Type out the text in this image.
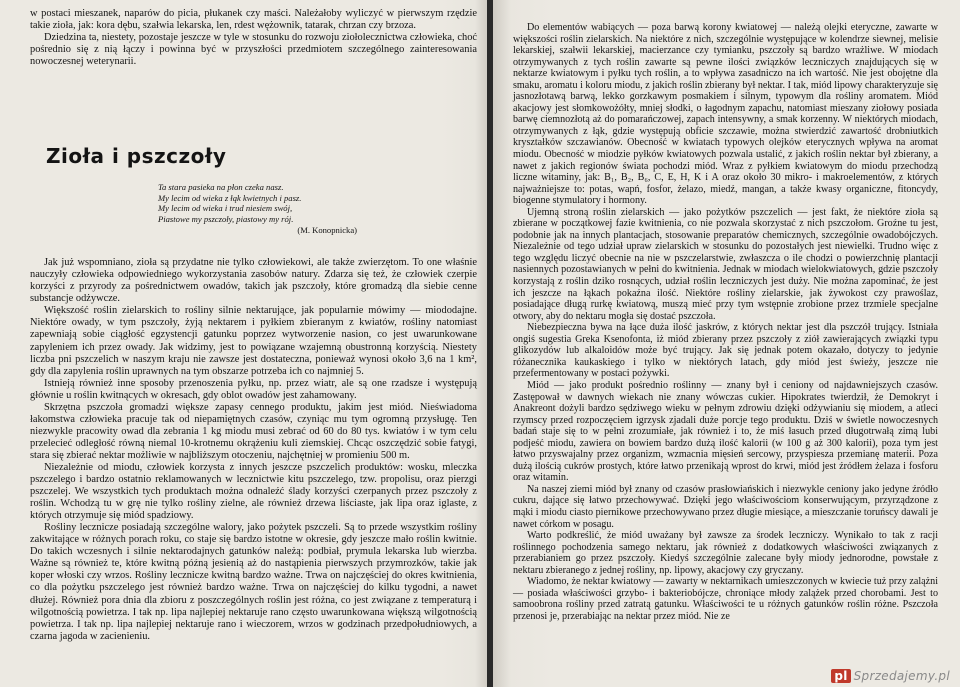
w postaci mieszanek, naparów do picia, płukanek czy maści. Należałoby wyliczyć w pierwszym rzędzie takie zioła, jak: kora dębu, szałwia lekarska, len, rdest wężownik, tatarak, chrzan czy brzoza.

Dziedzina ta, niestety, pozostaje jeszcze w tyle w stosunku do rozwoju ziołolecznictwa człowieka, choć pośrednio się z nią łączy i powinna być w przyszłości przedmiotem szczególnego zainteresowania nowoczesnej weterynarii.

Zioła i pszczoły
Ta stara pasieka na płon czeka nasz.
My lecim od wieka z łąk kwietnych i pasz.
My lecim od wieka i trud niesiem swój,
Piastowe my pszczoły, piastowy my rój.
(M. Konopnicka)

Jak już wspomniano, zioła są przydatne nie tylko człowiekowi, ale także zwierzętom. To one właśnie nauczyły człowieka odpowiedniego wykorzystania zasobów natury. Zdarza się też, że człowiek czerpie korzyści z przyrody za pośrednictwem owadów, takich jak pszczoły, które gromadzą dla siebie cenne substancje odżywcze.

Większość roślin zielarskich to rośliny silnie nektarujące, jak popularnie mówimy — miododajne. Niektóre owady, w tym pszczoły, żyją nektarem i pyłkiem zbieranym z kwiatów, rośliny natomiast zapewniają sobie ciągłość egzystencji gatunku poprzez wytworzenie nasion, co jest uwarunkowane zapyleniem ich przez owady. Jak widzimy, jest to powiązane wzajemną obustronną korzyścią. Niestety liczba pni pszczelich w naszym kraju nie zawsze jest dostateczna, ponieważ wynosi około 3,6 na 1 km², gdy dla zapylenia roślin uprawnych na tym obszarze potrzeba ich co najmniej 5.

Istnieją również inne sposoby przenoszenia pyłku, np. przez wiatr, ale są one rzadsze i występują głównie u roślin kwitnących w okresach, gdy oblot owadów jest zahamowany.

Skrzętna pszczoła gromadzi większe zapasy cennego produktu, jakim jest miód. Nieświadoma łakomstwa człowieka pracuje tak od niepamiętnych czasów, czyniąc mu tym ogromną przysługę. Ten niezwykle pracowity owad dla zebrania 1 kg miodu musi zebrać od 60 do 80 tys. kwiatów i w tym celu przelecieć odległość równą niemal 10-krotnemu okrążeniu kuli ziemskiej. Chcąc oszczędzić sobie fatygi, stara się zbierać nektar możliwie w najbliższym otoczeniu, najchętniej w promieniu 500 m.

Niezależnie od miodu, człowiek korzysta z innych jeszcze pszczelich produktów: wosku, mleczka pszczelego i bardzo ostatnio reklamowanych w lecznictwie kitu pszczelego, tzw. propolisu, oraz pierzgi pszczelej. We wszystkich tych produktach można odnaleźć ślady korzyści czerpanych przez pszczoły z roślin. Wchodzą tu w grę nie tylko rośliny zielne, ale również drzewa liściaste, jak lipa oraz iglaste, z których otrzymuje się miód spadziowy.

Rośliny lecznicze posiadają szczególne walory, jako pożytek pszczeli. Są to przede wszystkim rośliny zakwitające w różnych porach roku, co staje się bardzo istotne w okresie, gdy jeszcze mało roślin kwitnie. Do takich wczesnych i silnie nektarodajnych gatunków należą: podbiał, prymula lekarska lub wierzba. Ważne są również te, które kwitną późną jesienią aż do nastąpienia pierwszych przymrozków, takie jak koper włoski czy wrzos. Rośliny lecznicze kwitną bardzo ważne. Trwa on najczęściej do okres kwitnienia, co dla pożytku pszczelego jest również bardzo ważne. Trwa on najczęściej do kilku tygodni, a nawet dłużej. Również pora dnia dla zbioru z poszczególnych roślin jest różna, co jest związane z temperaturą i wilgotnością powietrza. I tak np. lipa najlepiej nektaruje rano często uwarunkowana większą wilgotnością powietrza. I tak np. lipa najlepiej nektaruje rano i wieczorem, wrzos w godzinach przedpołudniowych, a czarna jagoda w zacienieniu.

Do elementów wabiących — poza barwą korony kwiatowej — należą olejki eteryczne, zawarte w większości roślin zielarskich. Na niektóre z nich, szczególnie występujące w kolendrze siewnej, melisie lekarskiej, szałwii lekarskiej, macierzance czy tymianku, pszczoły są bardzo wrażliwe. W miodach otrzymywanych z tych roślin zawarte są pewne ilości związków leczniczych znajdujących się w nektarze kwiatowym i pyłku tych roślin, a to wpływa zasadniczo na ich wartość. Nie jest obojętne dla smaku, aromatu i koloru miodu, z jakich roślin zbierany był nektar. I tak, miód lipowy charakteryzuje się jasnozłotawą barwą, lekko gorzkawym posmakiem i silnym, typowym dla rośliny aromatem. Miód akacjowy jest słomkowożółty, mniej słodki, o łagodnym zapachu, natomiast mieszany ziołowy posiada barwę ciemnozłotą aż do pomarańczowej, zapach intensywny, a smak korzenny. W niektórych miodach, otrzymywanych z łąk, gdzie występują obficie szczawie, można stwierdzić zawartość drobniutkich kryształków szczawianów. Obecność w kwiatach typowych olejków eterycznych wpływa na aromat miodu. Obecność w miodzie pyłków kwiatowych pozwala ustalić, z jakich roślin nektar był zbierany, a nawet z jakich regionów świata pochodzi miód. Wraz z pyłkiem kwiatowym do miodu przechodzą liczne witaminy, jak: B₁, B₂, B₆, C, E, H, K i A oraz około 30 mikro- i makroelementów, z których najważniejsze to: potas, wapń, fosfor, żelazo, miedź, mangan, a także kwasy organiczne, fitoncydy, biogenne stymulatory i hormony.

Ujemną stroną roślin zielarskich — jako pożytków pszczelich — jest fakt, że niektóre zioła są zbierane w początkowej fazie kwitnienia, co nie pozwala skorzystać z nich pszczołom. Groźne tu jest, podobnie jak na innych plantacjach, stosowanie preparatów chemicznych, szczególnie owadobójczych. Niezależnie od tego udział upraw zielarskich w stosunku do pozostałych jest niewielki. Trudno więc z tego względu liczyć obecnie na nie w pszczelarstwie, zwłaszcza o ile chodzi o powierzchnię plantacji nasiennych pozostawianych w pełni do kwitnienia. Jednak w miodach wielokwiatowych, gdzie pszczoły korzystają z roślin dziko rosnących, udział roślin leczniczych jest duży. Nie można zapominać, że jest ich jeszcze na łąkach pokaźna ilość. Niektóre rośliny zielarskie, jak żywokost czy prawoślaz, posiadające długą rurkę kwiatową, muszą mieć przy tym wstępnie zrobione przez trzmiele specjalne otwory, aby do nektaru mogła się dostać pszczoła.

Niebezpieczna bywa na łące duża ilość jaskrów, z których nektar jest dla pszczół trujący. Istniała ongiś sugestia Greka Ksenofonta, iż miód zbierany przez pszczoły z ziół zawierających związki typu glikozydów lub alkaloidów może być trujący. Jak się jednak potem okazało, dotyczy to jedynie różanecznika kaukaskiego i tylko w niektórych latach, gdy miód jest świeży, jeszcze nie przefermentowany w postaci pożywki.

Miód — jako produkt pośrednio roślinny — znany był i ceniony od najdawniejszych czasów. Zastępował w dawnych wiekach nie znany wówczas cukier. Hipokrates twierdził, że Demokryt i Anakreont dożyli bardzo sędziwego wieku w pełnym zdrowiu dzięki odżywianiu się miodem, a atleci rzymscy przed rozpoczęciem igrzysk zjadali duże porcje tego produktu. Dziś w świetle nowoczesnych badań staje się to w pełni zrozumiałe, jak również i to, że miś łasuch przed długotrwałą zimą lubi podjeść miodu, zawiera on bowiem bardzo dużą ilość kalorii (w 100 g aż 300 kalorii), poza tym jest łatwo przyswajalny przez organizm, wzmacnia mięsień sercowy, przyspiesza przemianę materii. Poza dużą ilością cukrów prostych, które łatwo przenikają wprost do krwi, miód jest źródłem żelaza i fosforu oraz witamin.

Na naszej ziemi miód był znany od czasów prasłowiańskich i niezwykle ceniony jako jedyne źródło cukru, dające się łatwo przechowywać. Dzięki jego właściwościom konserwującym, przyrządzone z mąki i miodu ciasto piernikowe przechowywano przez długie miesiące, a mieszczanie toruńscy dawali je nawet córkom w posagu.

Warto podkreślić, że miód uważany był zawsze za środek leczniczy. Wynikało to tak z racji roślinnego pochodzenia samego nektaru, jak również z dodatkowych właściwości związanych z przerabianiem go przez pszczoły. Kiedyś szczególnie zalecane były miody jednorodne, powstałe z nektaru zbieranego z jednej rośliny, np. lipowy, akacjowy czy gryczany.

Wiadomo, że nektar kwiatowy — zawarty w nektarnikach umieszczonych w kwiecie tuż przy zalążni — posiada właściwości grzybo- i bakteriobójcze, chroniące młody zalążek przed chorobami. Jest to samoobrona rośliny przed zatratą gatunku. Właściwości te u różnych gatunków roślin różne. Pszczoła przenosi je, przerabiając na nektar przez miód. Nie ze

pl Sprzedajemy.pl
